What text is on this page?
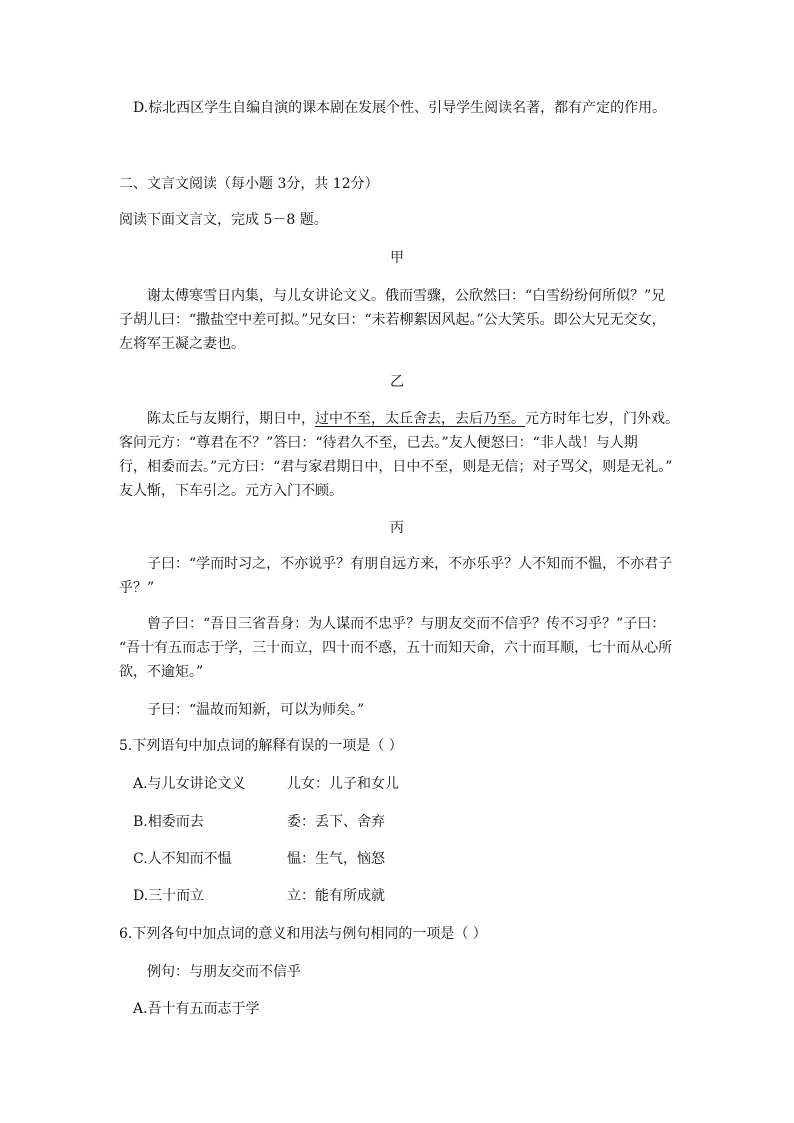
D.棕北西区学生自编自演的课本剧在发展个性、引导学生阅读名著，都有产定的作用。
二、文言文阅读（每小题 3分，共 12分）
阅读下面文言文，完成 5－8 题。
甲
谢太傅寒雪日内集，与儿女讲论文义。俄而雪骤，公欣然曰：“白雪纷纷何所似？”兄
子胡儿曰：“撒盐空中差可拟。”兄女曰：“未若柳絮因风起。”公大笑乐。即公大兄无交女，
左将军王凝之妻也。
乙
陈太丘与友期行，期日中，过中不至，太丘舍去，去后乃至。元方时年七岁，门外戏。
客问元方：“尊君在不？”答曰：“待君久不至，已去。”友人便怒曰：“非人哉！与人期
行，相委而去。”元方曰：“君与家君期日中，日中不至，则是无信；对子骂父，则是无礼。”
友人惭，下车引之。元方入门不顾。
丙
子曰：“学而时习之，不亦说乎？有朋自远方来，不亦乐乎？人不知而不愠，不亦君子
乎？”
曾子曰：“吾日三省吾身：为人谋而不忠乎？与朋友交而不信乎？传不习乎？”子曰：
“吾十有五而志于学，三十而立，四十而不惑，五十而知天命，六十而耳顺，七十而从心所
欲，不逾矩。”
子曰：“温故而知新，可以为师矣。”
5.下列语句中加点词的解释有误的一项是（ ）
A.与儿女讲论文义	儿女：儿子和女儿
B.相委而去	委：丢下、舍弃
C.人不知而不愠	愠：生气，恼怒
D.三十而立	立：能有所成就
6.下列各句中加点词的意义和用法与例句相同的一项是（ ）
例句：与朋友交而不信乎
A.吾十有五而志于学
